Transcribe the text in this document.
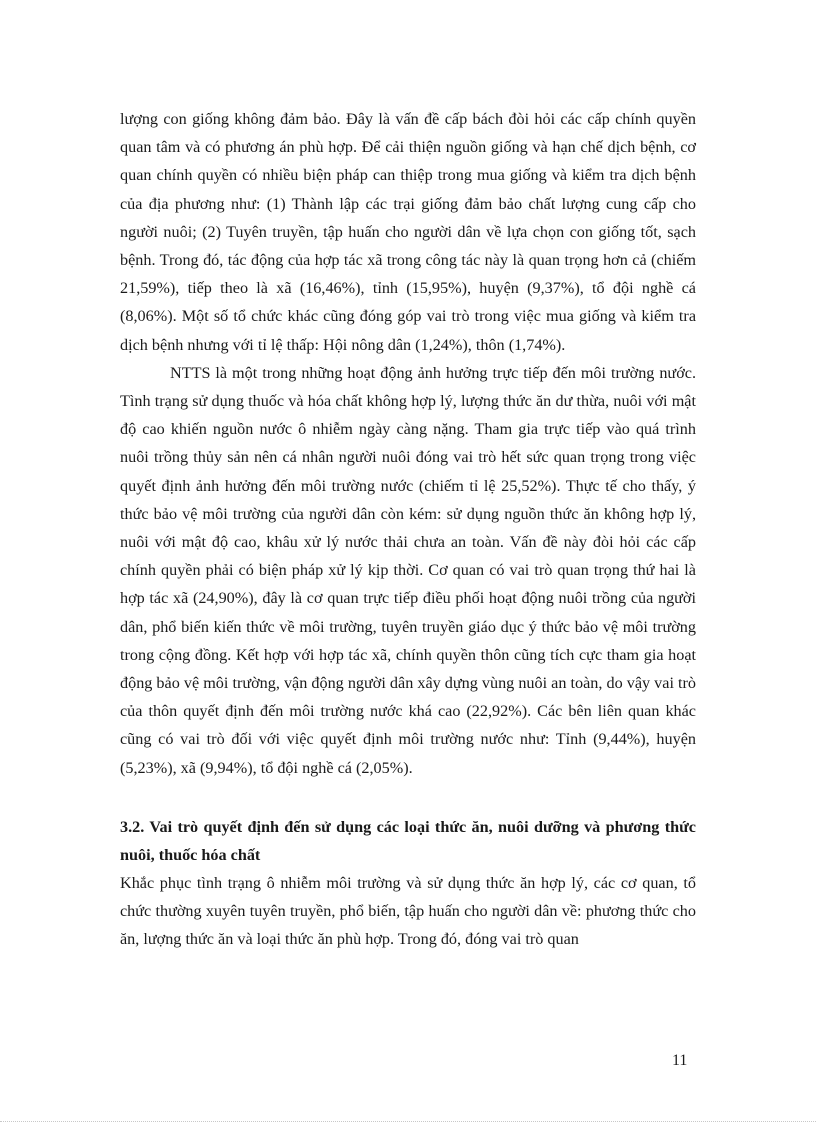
lượng con giống không đảm bảo. Đây là vấn đề cấp bách đòi hỏi các cấp chính quyền quan tâm và có phương án phù hợp. Để cải thiện nguồn giống và hạn chế dịch bệnh, cơ quan chính quyền có nhiều biện pháp can thiệp trong mua giống và kiểm tra dịch bệnh của địa phương như: (1) Thành lập các trại giống đảm bảo chất lượng cung cấp cho người nuôi; (2) Tuyên truyền, tập huấn cho người dân về lựa chọn con giống tốt, sạch bệnh. Trong đó, tác động của hợp tác xã trong công tác này là quan trọng hơn cả (chiếm 21,59%), tiếp theo là xã (16,46%), tỉnh (15,95%), huyện (9,37%), tổ đội nghề cá (8,06%). Một số tổ chức khác cũng đóng góp vai trò trong việc mua giống và kiểm tra dịch bệnh nhưng với tỉ lệ thấp: Hội nông dân (1,24%), thôn (1,74%).

NTTS là một trong những hoạt động ảnh hưởng trực tiếp đến môi trường nước. Tình trạng sử dụng thuốc và hóa chất không hợp lý, lượng thức ăn dư thừa, nuôi với mật độ cao khiến nguồn nước ô nhiễm ngày càng nặng. Tham gia trực tiếp vào quá trình nuôi trồng thủy sản nên cá nhân người nuôi đóng vai trò hết sức quan trọng trong việc quyết định ảnh hưởng đến môi trường nước (chiếm tỉ lệ 25,52%). Thực tế cho thấy, ý thức bảo vệ môi trường của người dân còn kém: sử dụng nguồn thức ăn không hợp lý, nuôi với mật độ cao, khâu xử lý nước thải chưa an toàn. Vấn đề này đòi hỏi các cấp chính quyền phải có biện pháp xử lý kịp thời. Cơ quan có vai trò quan trọng thứ hai là hợp tác xã (24,90%), đây là cơ quan trực tiếp điều phối hoạt động nuôi trồng của người dân, phổ biến kiến thức về môi trường, tuyên truyền giáo dục ý thức bảo vệ môi trường trong cộng đồng. Kết hợp với hợp tác xã, chính quyền thôn cũng tích cực tham gia hoạt động bảo vệ môi trường, vận động người dân xây dựng vùng nuôi an toàn, do vậy vai trò của thôn quyết định đến môi trường nước khá cao (22,92%). Các bên liên quan khác cũng có vai trò đối với việc quyết định môi trường nước như: Tỉnh (9,44%), huyện (5,23%), xã (9,94%), tổ đội nghề cá (2,05%).

3.2. Vai trò quyết định đến sử dụng các loại thức ăn, nuôi dưỡng và phương thức nuôi, thuốc hóa chất

Khắc phục tình trạng ô nhiễm môi trường và sử dụng thức ăn hợp lý, các cơ quan, tổ chức thường xuyên tuyên truyền, phổ biến, tập huấn cho người dân về: phương thức cho ăn, lượng thức ăn và loại thức ăn phù hợp. Trong đó, đóng vai trò quan

11
